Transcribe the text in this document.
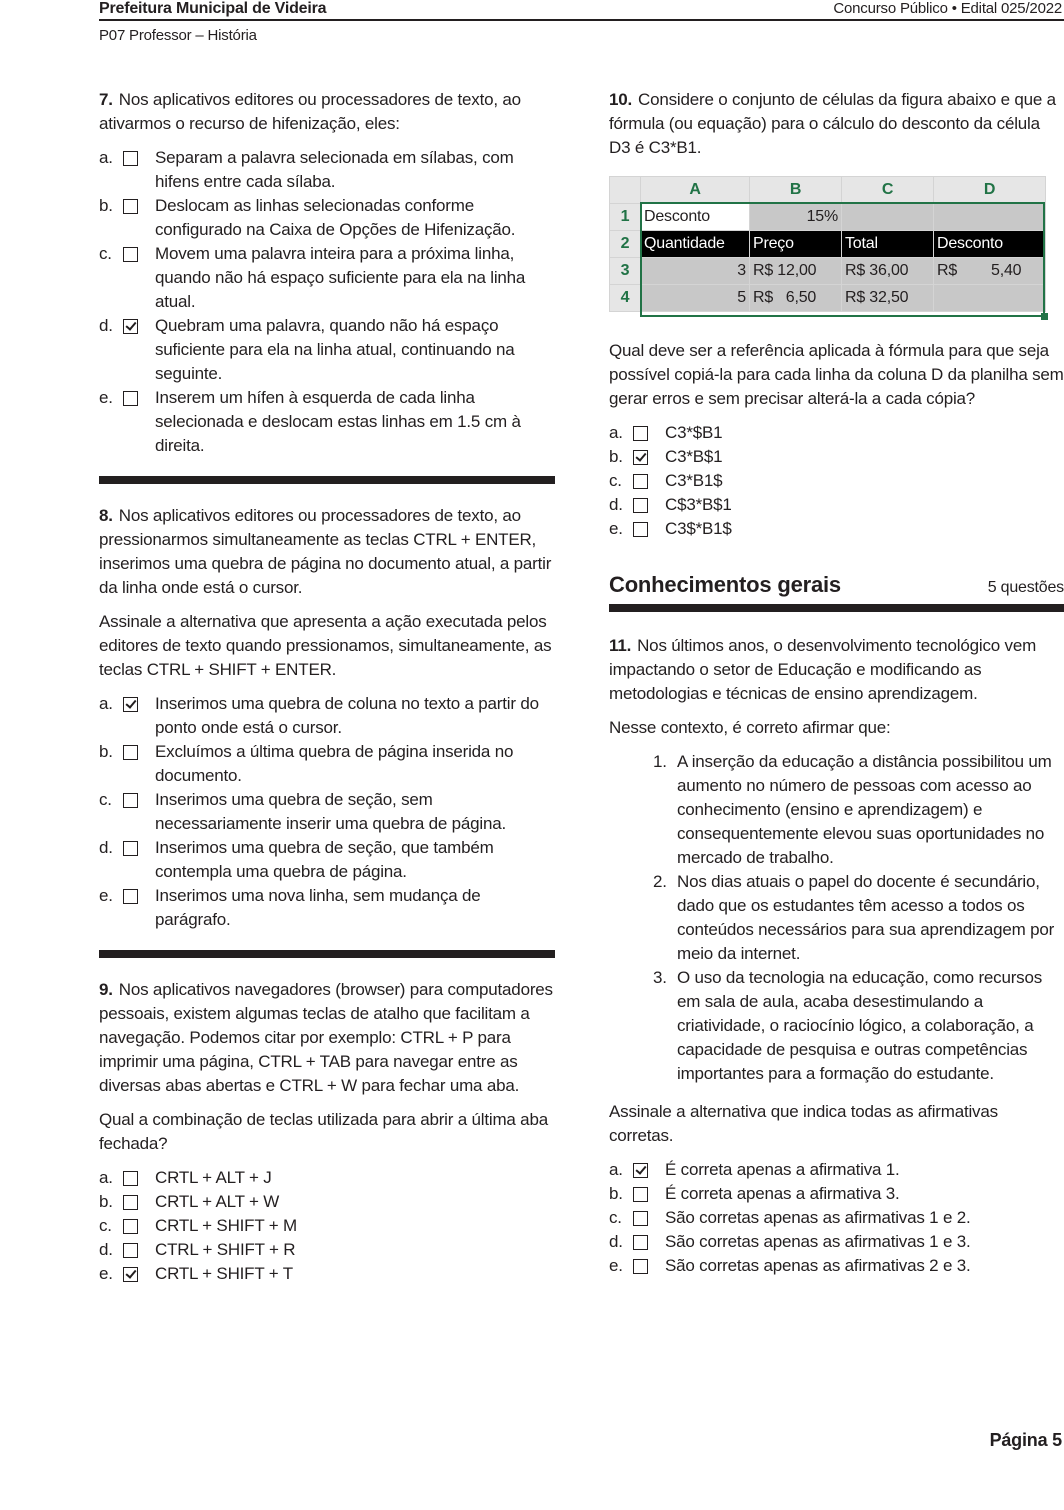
Prefeitura Municipal de Videira	Concurso Público • Edital 025/2022
P07 Professor – História

7. Nos aplicativos editores ou processadores de texto, ao ativarmos o recurso de hifenização, eles:

a.	Separam a palavra selecionada em sílabas, com hifens entre cada sílaba.
b.	Deslocam as linhas selecionadas conforme configurado na Caixa de Opções de Hifenização.
c.	Movem uma palavra inteira para a próxima linha, quando não há espaço suficiente para ela na linha atual.
d.	Quebram uma palavra, quando não há espaço suficiente para ela na linha atual, continuando na seguinte.
e.	Inserem um hífen à esquerda de cada linha selecionada e deslocam estas linhas em 1.5 cm à direita.

8. Nos aplicativos editores ou processadores de texto, ao pressionarmos simultaneamente as teclas CTRL + ENTER, inserimos uma quebra de página no documento atual, a partir da linha onde está o cursor.

Assinale a alternativa que apresenta a ação executada pelos editores de texto quando pressionamos, simultaneamente, as teclas CTRL + SHIFT + ENTER.

a.	Inserimos uma quebra de coluna no texto a partir do ponto onde está o cursor.
b.	Excluímos a última quebra de página inserida no documento.
c.	Inserimos uma quebra de seção, sem necessariamente inserir uma quebra de página.
d.	Inserimos uma quebra de seção, que também contempla uma quebra de página.
e.	Inserimos uma nova linha, sem mudança de parágrafo.

9. Nos aplicativos navegadores (browser) para computadores pessoais, existem algumas teclas de atalho que facilitam a navegação. Podemos citar por exemplo: CTRL + P para imprimir uma página, CTRL + TAB para navegar entre as diversas abas abertas e CTRL + W para fechar uma aba.

Qual a combinação de teclas utilizada para abrir a última aba fechada?

a.	CRTL + ALT + J
b.	CRTL + ALT + W
c.	CRTL + SHIFT + M
d.	CTRL + SHIFT + R
e.	CRTL + SHIFT + T

10. Considere o conjunto de células da figura abaixo e que a fórmula (ou equação) para o cálculo do desconto da célula D3 é C3*B1.

	A	B	C	D
1	Desconto	15%		
2	Quantidade	Preço	Total	Desconto
3	3	R$ 12,00	R$ 36,00	R$        5,40
4	5	R$   6,50	R$ 32,50	

Qual deve ser a referência aplicada à fórmula para que seja possível copiá-la para cada linha da coluna D da planilha sem gerar erros e sem precisar alterá-la a cada cópia?

a.	C3*$B1
b.	C3*B$1
c.	C3*B1$
d.	C$3*B$1
e.	C3$*B1$
Conhecimentos gerais	5 questões

11. Nos últimos anos, o desenvolvimento tecnológico vem impactando o setor de Educação e modificando as metodologias e técnicas de ensino aprendizagem.

Nesse contexto, é correto afirmar que:

1. A inserção da educação a distância possibilitou um aumento no número de pessoas com acesso ao conhecimento (ensino e aprendizagem) e consequentemente elevou suas oportunidades no mercado de trabalho.
2. Nos dias atuais o papel do docente é secundário, dado que os estudantes têm acesso a todos os conteúdos necessários para sua aprendizagem por meio da internet.
3. O uso da tecnologia na educação, como recursos em sala de aula, acaba desestimulando a criatividade, o raciocínio lógico, a colaboração, a capacidade de pesquisa e outras competências importantes para a formação do estudante.

Assinale a alternativa que indica todas as afirmativas corretas.

a.	É correta apenas a afirmativa 1.
b.	É correta apenas a afirmativa 3.
c.	São corretas apenas as afirmativas 1 e 2.
d.	São corretas apenas as afirmativas 1 e 3.
e.	São corretas apenas as afirmativas 2 e 3.
Página 5
